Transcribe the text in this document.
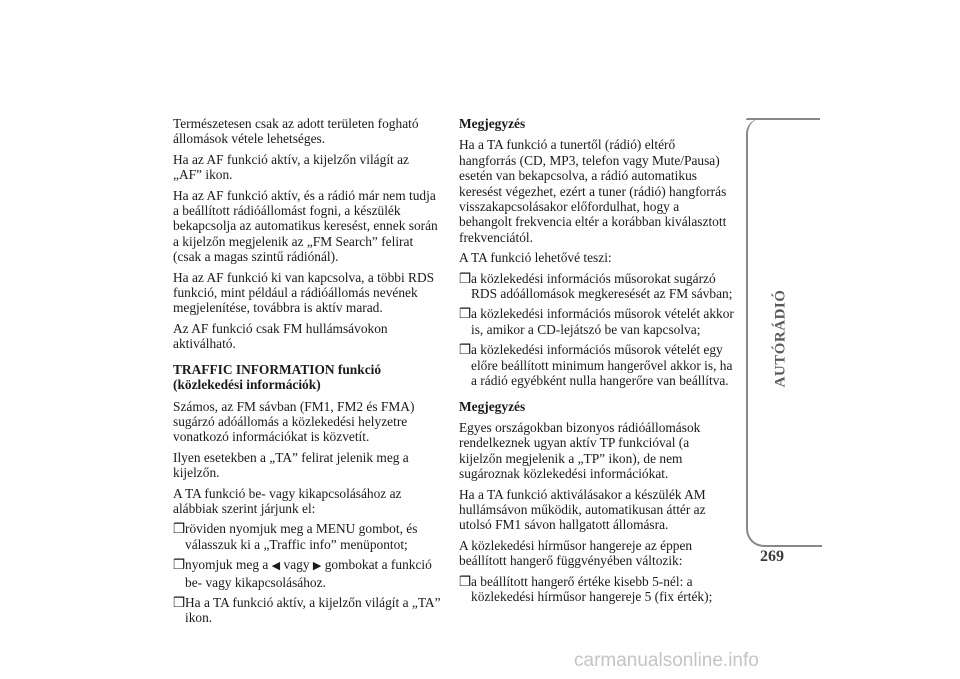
Természetesen csak az adott területen fogható állomások vétele lehetséges.

Ha az AF funkció aktív, a kijelzőn világít az „AF” ikon.

Ha az AF funkció aktív, és a rádió már nem tudja a beállított rádióállomást fogni, a készülék bekapcsolja az automatikus keresést, ennek során a kijelzőn megjelenik az „FM Search” felirat (csak a magas szintű rádiónál).

Ha az AF funkció ki van kapcsolva, a többi RDS funkció, mint például a rádióállomás nevének megjelenítése, továbbra is aktív marad.

Az AF funkció csak FM hullámsávokon aktiválható.

TRAFFIC INFORMATION funkció
(közlekedési információk)

Számos, az FM sávban (FM1, FM2 és FMA) sugárzó adóállomás a közlekedési helyzetre vonatkozó információkat is közvetít.

Ilyen esetekben a „TA” felirat jelenik meg a kijelzőn.

A TA funkció be- vagy kikapcsolásához az alábbiak szerint járjunk el:

❒ röviden nyomjuk meg a MENU gombot, és válasszuk ki a „Traffic info” menüpontot;

❒ nyomjuk meg a ◀ vagy ▶ gombokat a funkció be- vagy kikapcsolásához.

❒ Ha a TA funkció aktív, a kijelzőn világít a „TA” ikon.

Megjegyzés

Ha a TA funkció a tunertől (rádió) eltérő hangforrás (CD, MP3, telefon vagy Mute/Pausa) esetén van bekapcsolva, a rádió automatikus keresést végezhet, ezért a tuner (rádió) hangforrás visszakapcsolásakor előfordulhat, hogy a behangolt frekvencia eltér a korábban kiválasztott frekvenciától.

A TA funkció lehetővé teszi:

❒ a közlekedési információs műsorokat sugárzó RDS adóállomások megkeresését az FM sávban;

❒ a közlekedési információs műsorok vételét akkor is, amikor a CD-lejátszó be van kapcsolva;

❒ a közlekedési információs műsorok vételét egy előre beállított minimum hangerővel akkor is, ha a rádió egyébként nulla hangerőre van beállítva.

Megjegyzés

Egyes országokban bizonyos rádióállomások rendelkeznek ugyan aktív TP funkcióval (a kijelzőn megjelenik a „TP” ikon), de nem sugároznak közlekedési információkat.

Ha a TA funkció aktiválásakor a készülék AM hullámsávon működik, automatikusan áttér az utolsó FM1 sávon hallgatott állomásra.

A közlekedési hírműsor hangereje az éppen beállított hangerő függvényében változik:

❒ a beállított hangerő értéke kisebb 5-nél: a közlekedési hírműsor hangereje 5 (fix érték);

AUTÓRÁDIÓ
269
carmanualsonline.info
